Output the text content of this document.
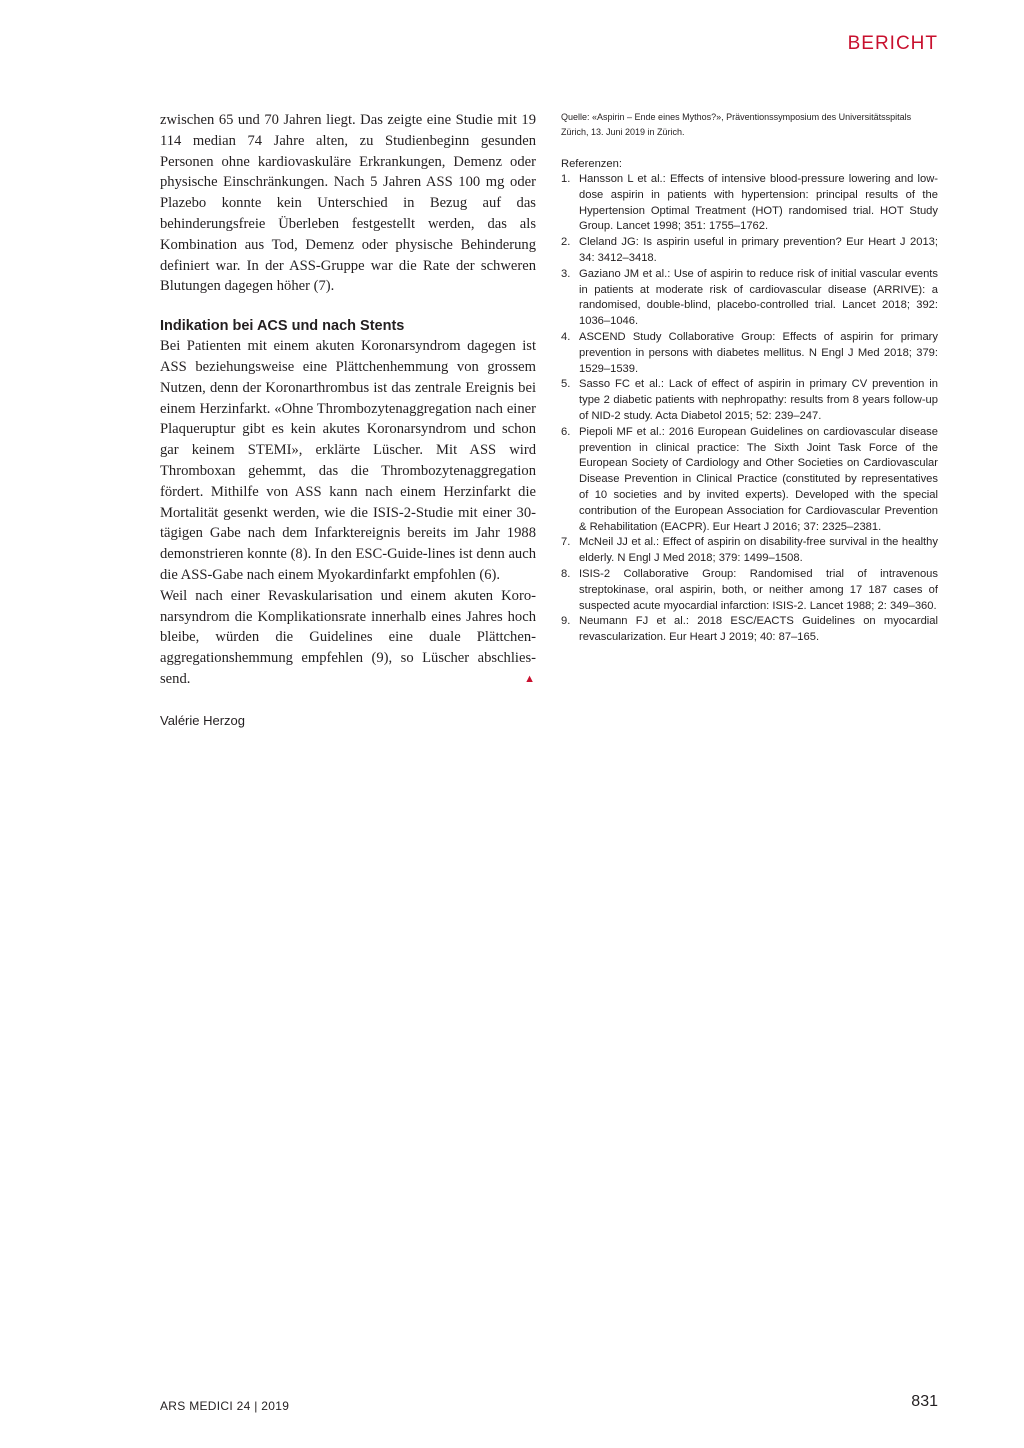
BERICHT

zwischen 65 und 70 Jahren liegt. Das zeigte eine Studie mit 19 114 median 74 Jahre alten, zu Studienbeginn gesunden Personen ohne kardiovaskuläre Erkrankungen, Demenz oder physische Einschränkungen. Nach 5 Jahren ASS 100 mg oder Plazebo konnte kein Unterschied in Bezug auf das behinderungsfreie Überleben festgestellt werden, das als Kombination aus Tod, Demenz oder physische Behinderung definiert war. In der ASS-Gruppe war die Rate der schweren Blutungen dagegen höher (7).

Indikation bei ACS und nach Stents

Bei Patienten mit einem akuten Koronarsyndrom dagegen ist ASS beziehungsweise eine Plättchenhemmung von grossem Nutzen, denn der Koronarthrombus ist das zentrale Ereignis bei einem Herzinfarkt. «Ohne Thrombozytenaggregation nach einer Plaqueruptur gibt es kein akutes Koronarsyndrom und schon gar keinem STEMI», erklärte Lüscher. Mit ASS wird Thromboxan gehemmt, das die Thrombozytenaggregation fördert. Mithilfe von ASS kann nach einem Herzinfarkt die Mortalität gesenkt werden, wie die ISIS-2-Studie mit einer 30-tägigen Gabe nach dem Infarktereignis bereits im Jahr 1988 demonstrieren konnte (8). In den ESC-Guide-lines ist denn auch die ASS-Gabe nach einem Myokardinfarkt empfohlen (6).

Weil nach einer Revaskularisation und einem akuten Koronarsyndrom die Komplikationsrate innerhalb eines Jahres hoch bleibe, würden die Guidelines eine duale Plättchenaggregationshemmung empfehlen (9), so Lüscher abschliessend.	▲

Valérie Herzog

Quelle: «Aspirin – Ende eines Mythos?», Präventionssymposium des Universitätsspitals Zürich, 13. Juni 2019 in Zürich.

Referenzen:

1. Hansson L et al.: Effects of intensive blood-pressure lowering and low-dose aspirin in patients with hypertension: principal results of the Hypertension Optimal Treatment (HOT) randomised trial. HOT Study Group. Lancet 1998; 351: 1755–1762.
2. Cleland JG: Is aspirin useful in primary prevention? Eur Heart J 2013; 34: 3412–3418.
3. Gaziano JM et al.: Use of aspirin to reduce risk of initial vascular events in patients at moderate risk of cardiovascular disease (ARRIVE): a randomised, double-blind, placebo-controlled trial. Lancet 2018; 392: 1036–1046.
4. ASCEND Study Collaborative Group: Effects of aspirin for primary prevention in persons with diabetes mellitus. N Engl J Med 2018; 379: 1529–1539.
5. Sasso FC et al.: Lack of effect of aspirin in primary CV prevention in type 2 diabetic patients with nephropathy: results from 8 years follow-up of NID-2 study. Acta Diabetol 2015; 52: 239–247.
6. Piepoli MF et al.: 2016 European Guidelines on cardiovascular disease prevention in clinical practice: The Sixth Joint Task Force of the European Society of Cardiology and Other Societies on Cardiovascular Disease Prevention in Clinical Practice (constituted by representatives of 10 societies and by invited experts). Developed with the special contribution of the European Association for Cardiovascular Prevention & Rehabilitation (EACPR). Eur Heart J 2016; 37: 2325–2381.
7. McNeil JJ et al.: Effect of aspirin on disability-free survival in the healthy elderly. N Engl J Med 2018; 379: 1499–1508.
8. ISIS-2 Collaborative Group: Randomised trial of intravenous streptokinase, oral aspirin, both, or neither among 17 187 cases of suspected acute myocardial infarction: ISIS-2. Lancet 1988; 2: 349–360.
9. Neumann FJ et al.: 2018 ESC/EACTS Guidelines on myocardial revascularization. Eur Heart J 2019; 40: 87–165.
ARS MEDICI 24 | 2019	831
